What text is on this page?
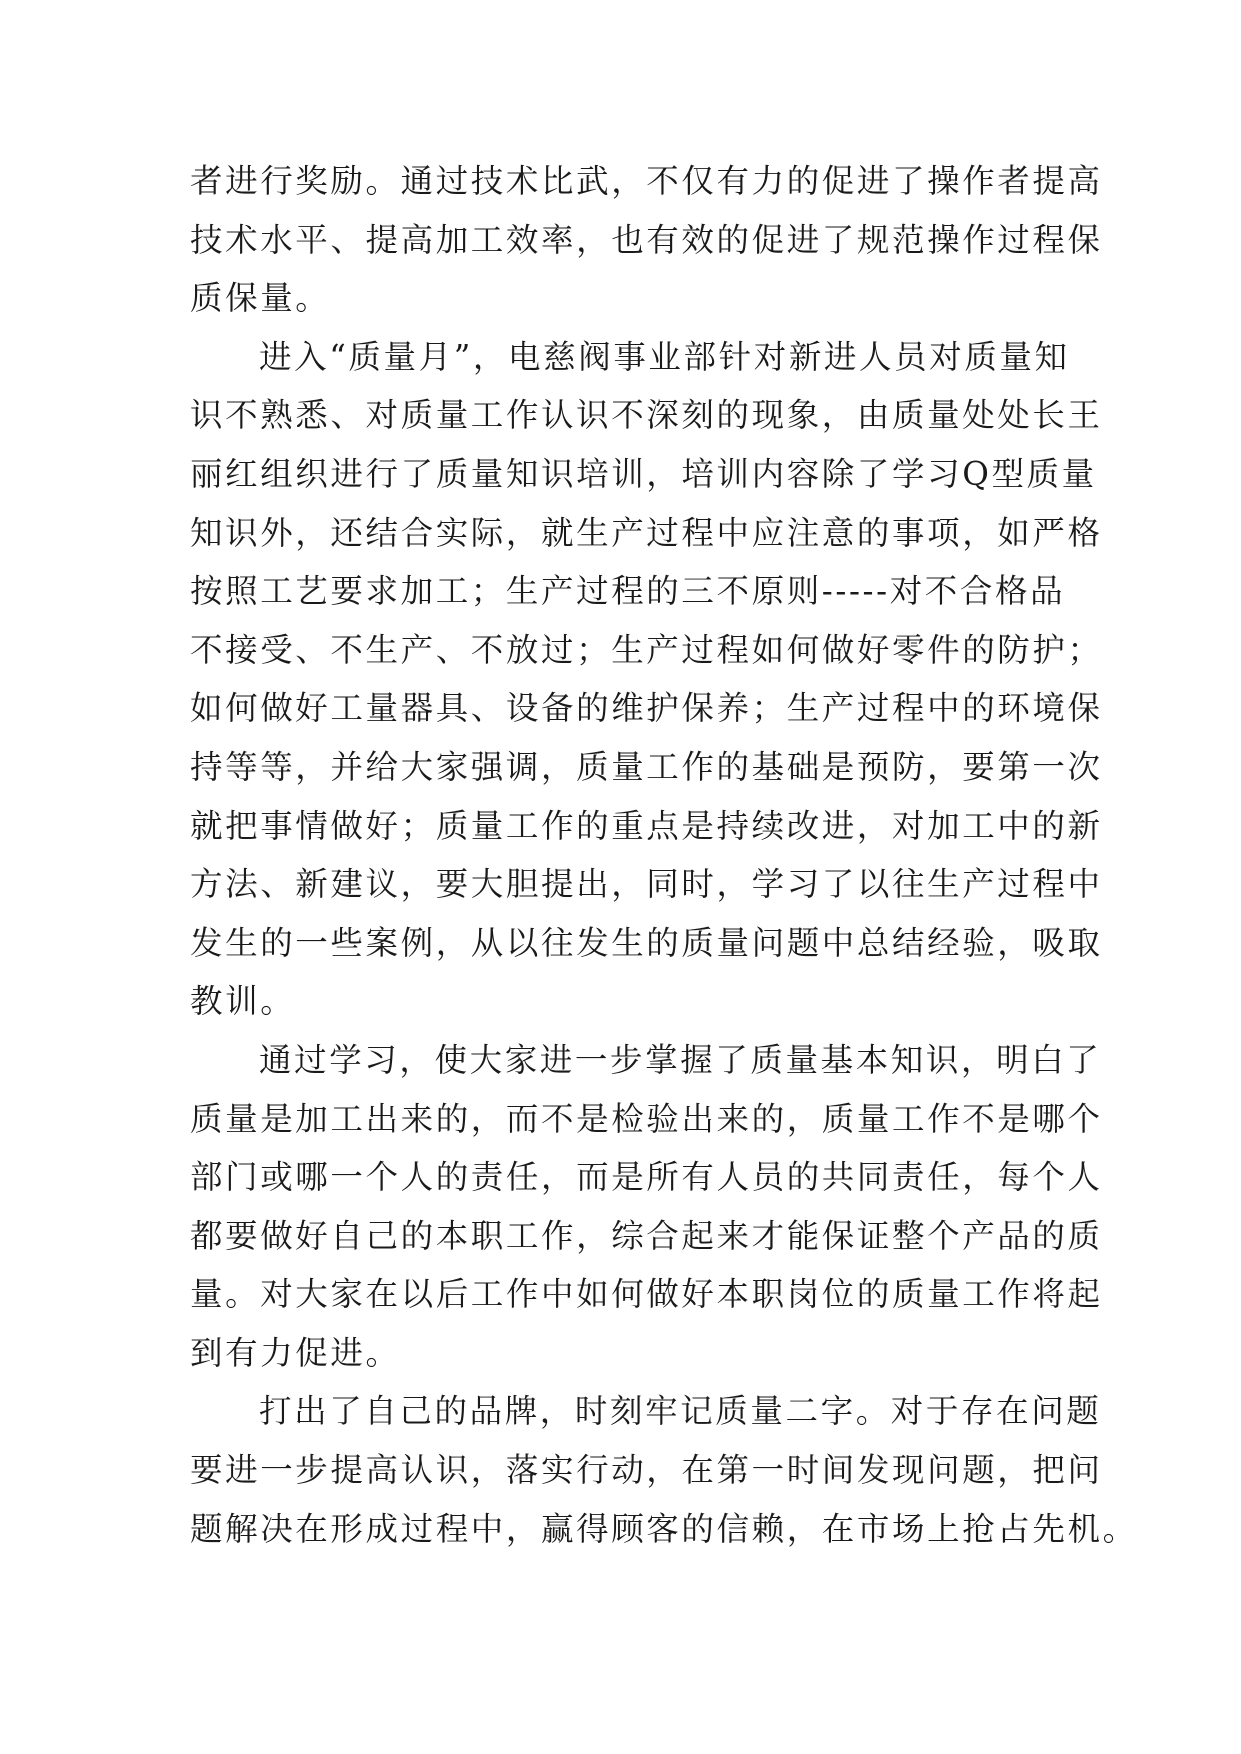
者进行奖励。通过技术比武，不仅有力的促进了操作者提高
技术水平、提高加工效率，也有效的促进了规范操作过程保
质保量。
进入“质量月”，电慈阀事业部针对新进人员对质量知
识不熟悉、对质量工作认识不深刻的现象，由质量处处长王
丽红组织进行了质量知识培训，培训内容除了学习Q型质量
知识外，还结合实际，就生产过程中应注意的事项，如严格
按照工艺要求加工；生产过程的三不原则-----对不合格品
不接受、不生产、不放过；生产过程如何做好零件的防护；
如何做好工量器具、设备的维护保养；生产过程中的环境保
持等等，并给大家强调，质量工作的基础是预防，要第一次
就把事情做好；质量工作的重点是持续改进，对加工中的新
方法、新建议，要大胆提出，同时，学习了以往生产过程中
发生的一些案例，从以往发生的质量问题中总结经验，吸取
教训。
通过学习，使大家进一步掌握了质量基本知识，明白了
质量是加工出来的，而不是检验出来的，质量工作不是哪个
部门或哪一个人的责任，而是所有人员的共同责任，每个人
都要做好自己的本职工作，综合起来才能保证整个产品的质
量。对大家在以后工作中如何做好本职岗位的质量工作将起
到有力促进。
打出了自己的品牌，时刻牢记质量二字。对于存在问题
要进一步提高认识，落实行动，在第一时间发现问题，把问
题解决在形成过程中，赢得顾客的信赖，在市场上抢占先机。
